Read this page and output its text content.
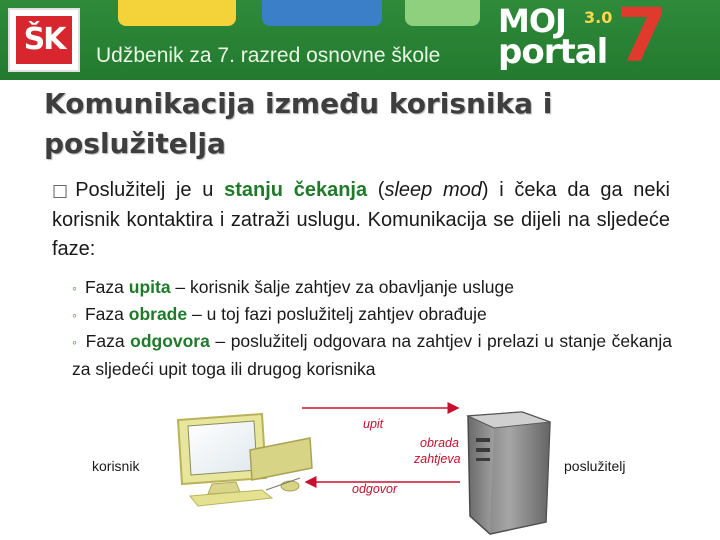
ŠK	Udžbenik za 7. razred osnovne škole
MOJ 3.0
portal 7
Komunikacija između korisnika i poslužitelja
□ Poslužitelj je u stanju čekanja (sleep mod) i čeka da ga neki korisnik kontaktira i zatraži uslugu. Komunikacija se dijeli na sljedeće faze:
◦ Faza upita – korisnik šalje zahtjev za obavljanje usluge
◦ Faza obrade – u toj fazi poslužitelj zahtjev obrađuje
◦ Faza odgovora – poslužitelj odgovara na zahtjev i prelazi u stanje čekanja za sljedeći upit toga ili drugog korisnika
korisnik	poslužitelj
upit
obrada
zahtjeva
odgovor
